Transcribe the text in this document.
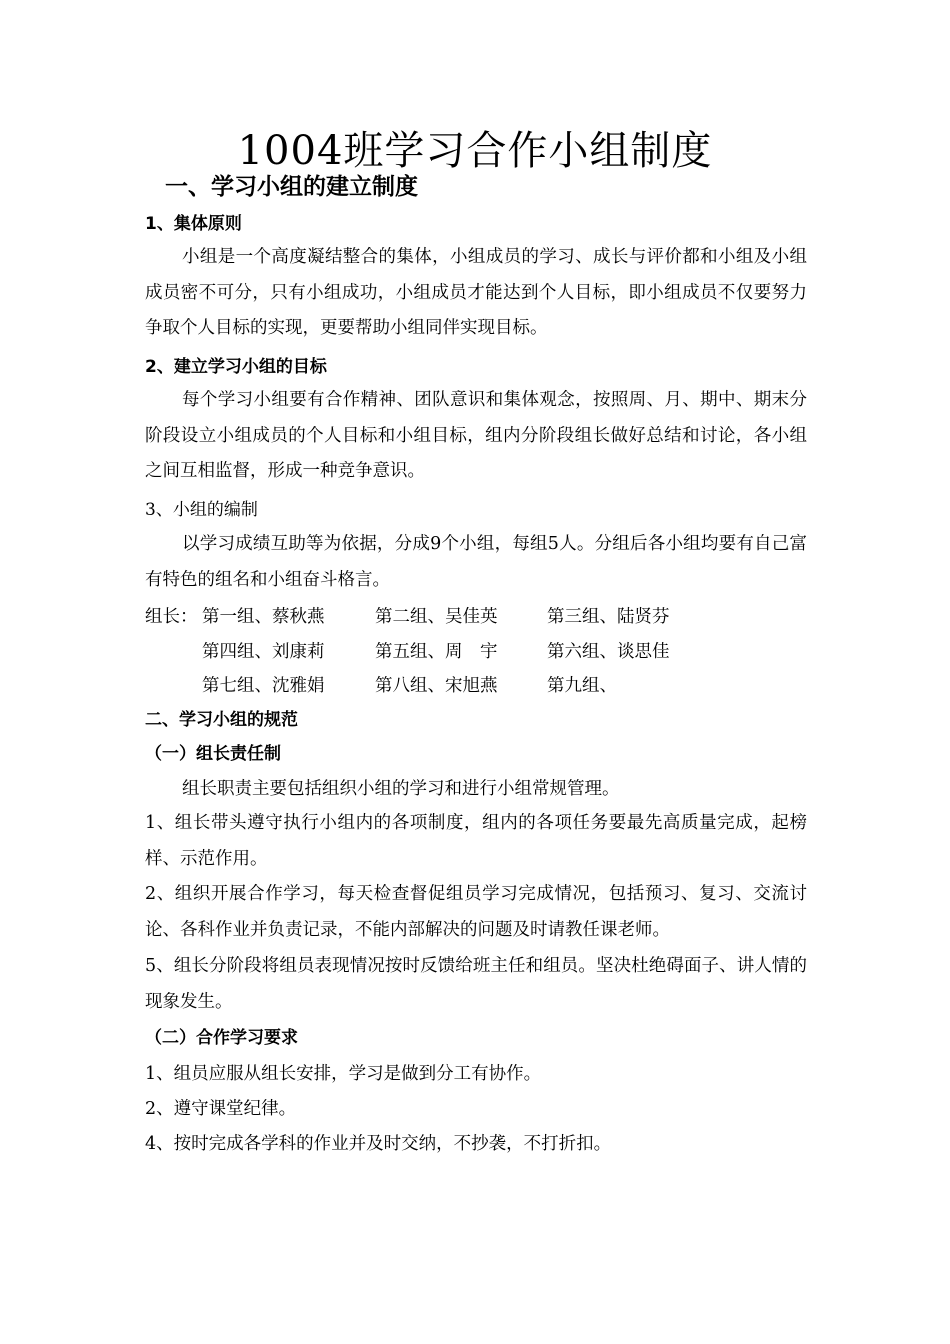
1004班学习合作小组制度
一、学习小组的建立制度
1、集体原则
小组是一个高度凝结整合的集体，小组成员的学习、成长与评价都和小组及小组成员密不可分，只有小组成功，小组成员才能达到个人目标，即小组成员不仅要努力争取个人目标的实现，更要帮助小组同伴实现目标。
2、建立学习小组的目标
每个学习小组要有合作精神、团队意识和集体观念，按照周、月、期中、期末分阶段设立小组成员的个人目标和小组目标，组内分阶段组长做好总结和讨论，各小组之间互相监督，形成一种竞争意识。
3、小组的编制
以学习成绩互助等为依据，分成9个小组，每组5人。分组后各小组均要有自己富有特色的组名和小组奋斗格言。
组长： 第一组、蔡秋燕	第二组、吴佳英	第三组、陆贤芬
第四组、刘康莉	第五组、周　宇	第六组、谈思佳
第七组、沈雅娟	第八组、宋旭燕	第九组、
二、学习小组的规范
（一）组长责任制
组长职责主要包括组织小组的学习和进行小组常规管理。
1、组长带头遵守执行小组内的各项制度，组内的各项任务要最先高质量完成，起榜样、示范作用。
2、组织开展合作学习，每天检查督促组员学习完成情况，包括预习、复习、交流讨论、各科作业并负责记录，不能内部解决的问题及时请教任课老师。
5、组长分阶段将组员表现情况按时反馈给班主任和组员。坚决杜绝碍面子、讲人情的现象发生。
（二）合作学习要求
1、组员应服从组长安排，学习是做到分工有协作。
2、遵守课堂纪律。
4、按时完成各学科的作业并及时交纳，不抄袭，不打折扣。
